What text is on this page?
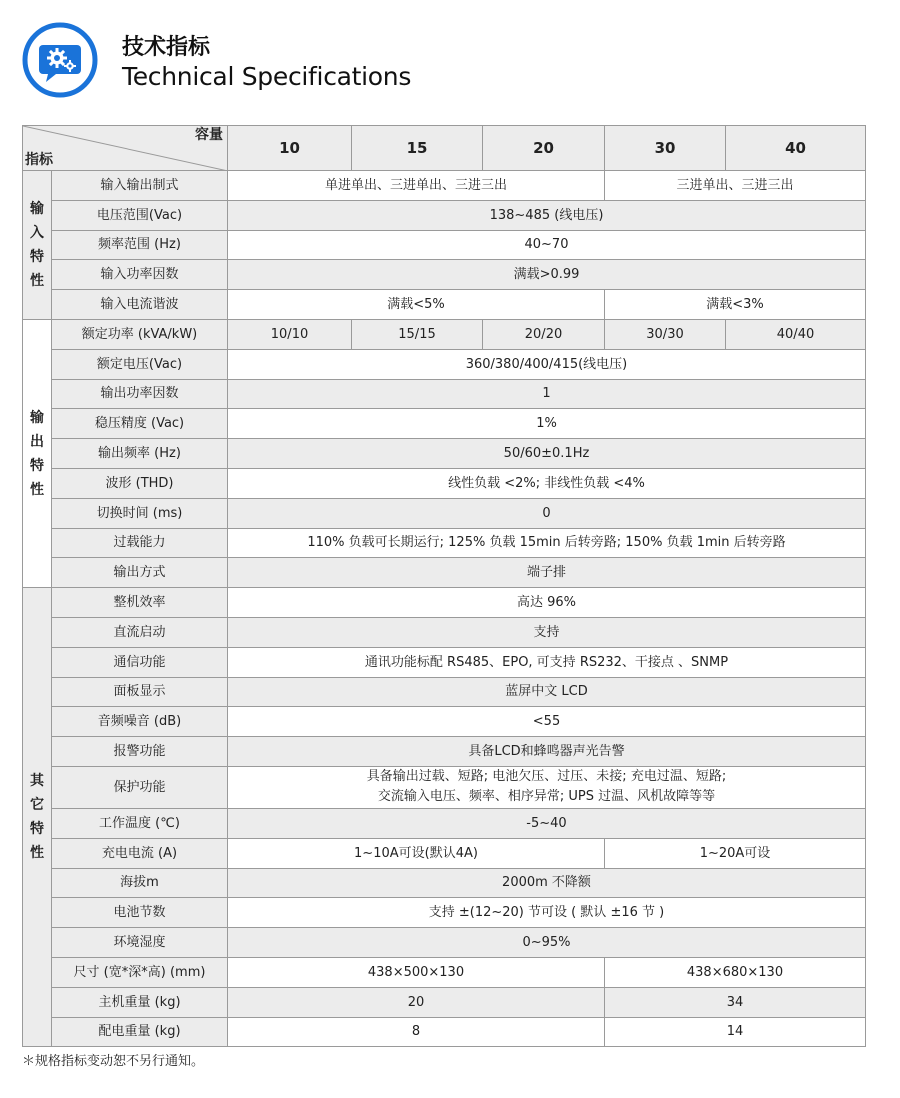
技术指标
Technical Specifications
容量
指标		10	15	20	30	40

输入特性	输入输出制式	单进单出、三进单出、三进三出			三进单出、三进三出	
	电压范围(Vac)	138~485 (线电压)				
	频率范围 (Hz)	40~70				
	输入功率因数	满载>0.99				
	输入电流谐波	满载<5%			满载<3%	

输出特性	额定功率 (kVA/kW)	10/10	15/15	20/20	30/30	40/40
	额定电压(Vac)	360/380/400/415(线电压)				
	输出功率因数	1				
	稳压精度 (Vac)	1%				
	输出频率 (Hz)	50/60±0.1Hz				
	波形 (THD)	线性负载 <2%; 非线性负载 <4%				
	切换时间 (ms)	0				
	过载能力	110% 负载可长期运行; 125% 负载 15min 后转旁路; 150% 负载 1min 后转旁路				
	输出方式	端子排				

其它特性	整机效率	高达 96%				
	直流启动	支持				
	通信功能	通讯功能标配 RS485、EPO, 可支持 RS232、干接点 、SNMP				
	面板显示	蓝屏中文 LCD				
	音频噪音 (dB)	<55				
	报警功能	具备LCD和蜂鸣器声光告警				
	保护功能	具备输出过载、短路; 电池欠压、过压、未接; 充电过温、短路;
交流输入电压、频率、相序异常; UPS 过温、风机故障等等				

	工作温度 (℃)	-5~40				
	充电电流 (A)	1~10A可设(默认4A)			1~20A可设	
	海拔m	2000m 不降额				
	电池节数	支持 ±(12~20) 节可设 ( 默认 ±16 节 )				
	环境湿度	0~95%				
	尺寸 (宽*深*高) (mm)	438×500×130			438×680×130	
	主机重量 (kg)	20			34	
	配电重量 (kg)	8			14	
＊规格指标变动恕不另行通知。
